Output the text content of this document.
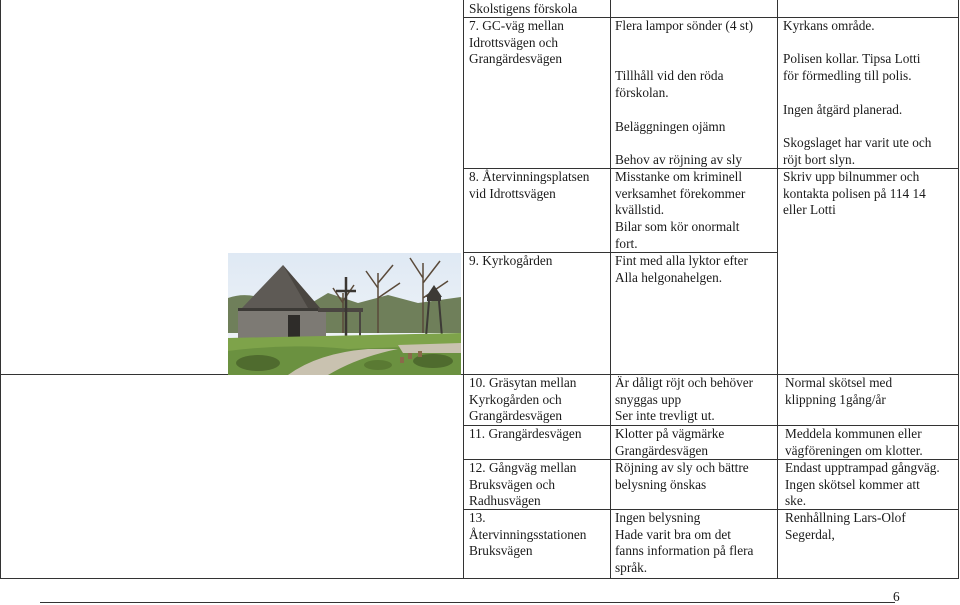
Skolstigens förskola
7. GC-väg mellan
Idrottsvägen och
Grangärdesvägen
Flera lampor sönder (4 st)
Tillhåll vid den röda
förskolan.
Beläggningen ojämn
Behov av röjning av sly
Kyrkans område.
Polisen kollar. Tipsa Lotti
för förmedling till polis.
Ingen åtgärd planerad.
Skogslaget har varit ute och
röjt bort slyn.
8. Återvinningsplatsen
vid Idrottsvägen
Misstanke om kriminell
verksamhet förekommer
kvällstid.
Bilar som kör onormalt
fort.
Skriv upp bilnummer och
kontakta polisen på 114 14
eller Lotti
9. Kyrkogården	Fint med alla lyktor efter
Alla helgonahelgen.
10. Gräsytan mellan
Kyrkogården och
Grangärdesvägen
Är dåligt röjt och behöver
snyggas upp
Ser inte trevligt ut.
Normal skötsel med
klippning 1gång/år
11. Grangärdesvägen	Klotter på vägmärke
Grangärdesvägen
Meddela kommunen eller
vägföreningen om klotter.
12. Gångväg mellan
Bruksvägen och
Radhusvägen
Röjning av sly och bättre
belysning önskas
Endast upptrampad gångväg.
Ingen skötsel kommer att
ske.
13.
Återvinningsstationen
Bruksvägen
Ingen belysning
Hade varit bra om det
fanns information på flera
språk.
Renhållning Lars-Olof
Segerdal,
6
